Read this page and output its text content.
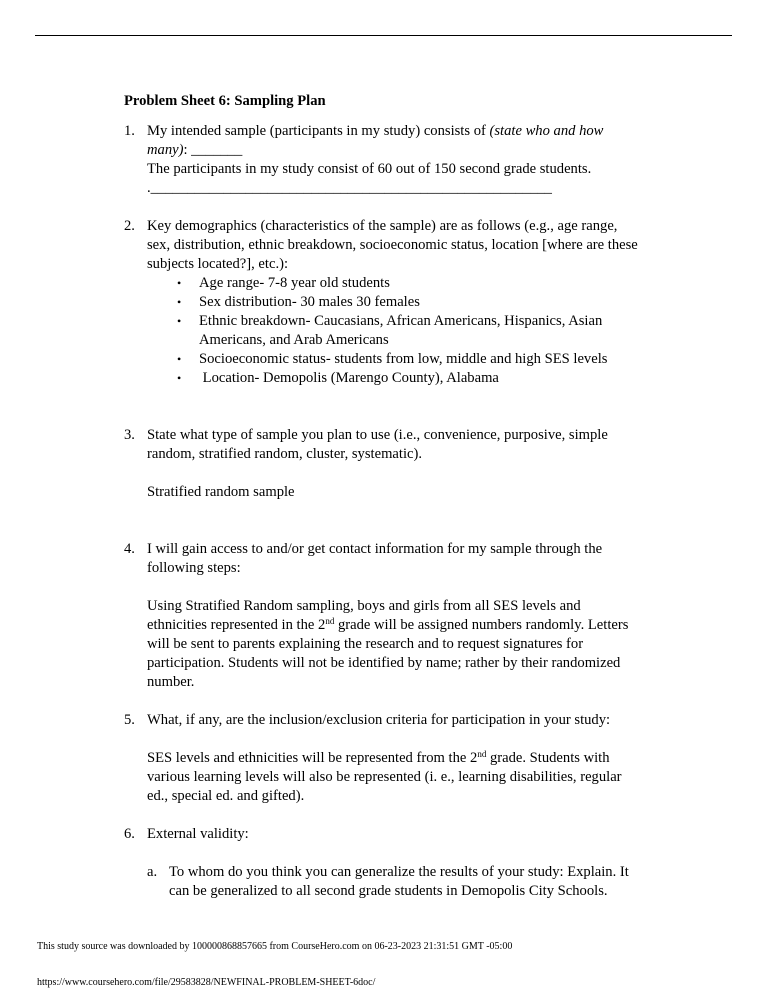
Problem Sheet 6: Sampling Plan
1. My intended sample (participants in my study) consists of (state who and how many): _______

The participants in my study consist of 60 out of 150 second grade students.

._______________________________________________________

2. Key demographics (characteristics of the sample) are as follows (e.g., age range, sex, distribution, ethnic breakdown, socioeconomic status, location [where are these subjects located?], etc.):

• Age range- 7-8 year old students
• Sex distribution- 30 males 30 females
• Ethnic breakdown- Caucasians, African Americans, Hispanics, Asian Americans, and Arab Americans
• Socioeconomic status- students from low, middle and high SES levels
• Location- Demopolis (Marengo County), Alabama
3. State what type of sample you plan to use (i.e., convenience, purposive, simple random, stratified random, cluster, systematic).

Stratified random sample

4. I will gain access to and/or get contact information for my sample through the following steps:

Using Stratified Random sampling, boys and girls from all SES levels and ethnicities represented in the 2nd grade will be assigned numbers randomly. Letters will be sent to parents explaining the research and to request signatures for participation. Students will not be identified by name; rather by their randomized number.

5. What, if any, are the inclusion/exclusion criteria for participation in your study:

SES levels and ethnicities will be represented from the 2nd grade. Students with various learning levels will also be represented (i. e., learning disabilities, regular ed., special ed. and gifted).

6. External validity:

a. To whom do you think you can generalize the results of your study: Explain. It can be generalized to all second grade students in Demopolis City Schools.

This study source was downloaded by 100000868857665 from CourseHero.com on 06-23-2023 21:31:51 GMT -05:00
https://www.coursehero.com/file/29583828/NEWFINAL-PROBLEM-SHEET-6doc/
